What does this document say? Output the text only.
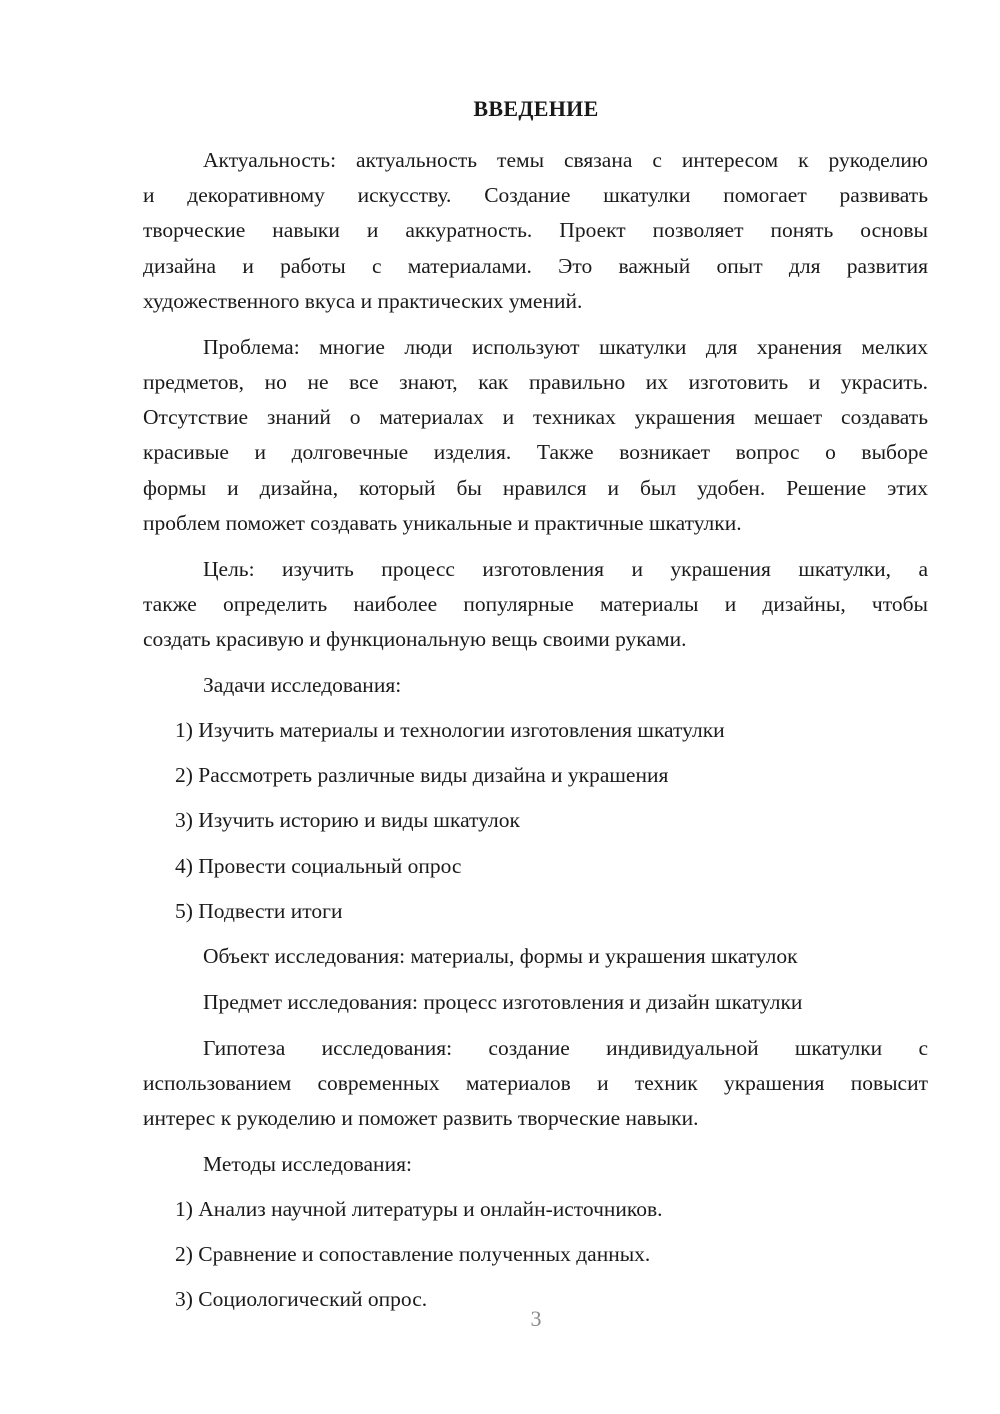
ВВЕДЕНИЕ
Актуальность: актуальность темы связана с интересом к рукоделию
и декоративному искусству. Создание шкатулки помогает развивать
творческие навыки и аккуратность. Проект позволяет понять основы
дизайна и работы с материалами. Это важный опыт для развития
художественного вкуса и практических умений.
Проблема: многие люди используют шкатулки для хранения мелких
предметов, но не все знают, как правильно их изготовить и украсить.
Отсутствие знаний о материалах и техниках украшения мешает создавать
красивые и долговечные изделия. Также возникает вопрос о выборе
формы и дизайна, который бы нравился и был удобен. Решение этих
проблем поможет создавать уникальные и практичные шкатулки.
Цель: изучить процесс изготовления и украшения шкатулки, а
также определить наиболее популярные материалы и дизайны, чтобы
создать красивую и функциональную вещь своими руками.
Задачи исследования:
1) Изучить материалы и технологии изготовления шкатулки
2) Рассмотреть различные виды дизайна и украшения
3) Изучить историю и виды шкатулок
4) Провести социальный опрос
5) Подвести итоги
Объект исследования: материалы, формы и украшения шкатулок
Предмет исследования: процесс изготовления и дизайн шкатулки
Гипотеза исследования: создание индивидуальной шкатулки с
использованием современных материалов и техник украшения повысит
интерес к рукоделию и поможет развить творческие навыки.
Методы исследования:
1) Анализ научной литературы и онлайн-источников.
2) Сравнение и сопоставление полученных данных.
3) Социологический опрос.
3
